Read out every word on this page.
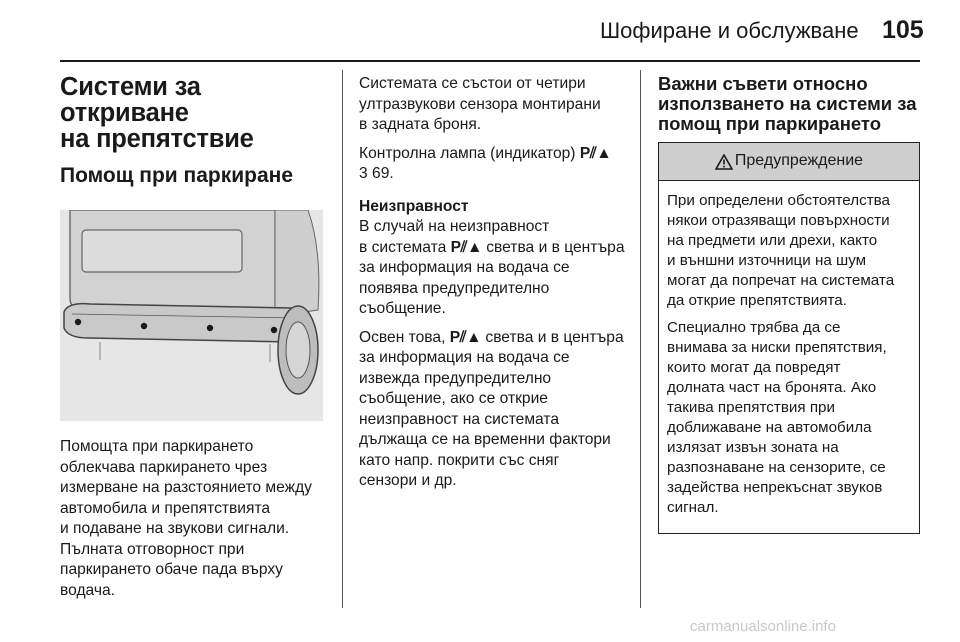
Шофиране и обслужване 105
Системи за откриване
на препятствие
Помощ при паркиране
Помощта при паркирането
облекчава паркирането чрез
измерване на разстоянието между
автомобила и препятствията
и подаване на звукови сигнали.
Пълната отговорност при
паркирането обаче пада върху
водача.

Системата се състои от четири
ултразвукови сензора монтирани
в задната броня.

Контролна лампа (индикатор) P⫽▲
3 69.

Неизправност

В случай на неизправност
в системата P⫽▲ светва и в центъра
за информация на водача се
появява предупредително
съобщение.

Освен това, P⫽▲ светва и в центъра
за информация на водача се
извежда предупредително
съобщение, ако се открие
неизправност на системата
дължаща се на временни фактори
като напр. покрити със сняг
сензори и др.

Важни съвети относно
използването на системи за
помощ при паркирането
Предупреждение

При определени обстоятелства
някои отразяващи повърхности
на предмети или дрехи, както
и външни източници на шум
могат да попречат на системата
да открие препятствията.

Специално трябва да се
внимава за ниски препятствия,
които могат да повредят
долната част на бронята. Ако
такива препятствия при
доближаване на автомобила
излязат извън зоната на
разпознаване на сензорите, се
задейства непрекъснат звуков
сигнал.

carmanualsonline.info
